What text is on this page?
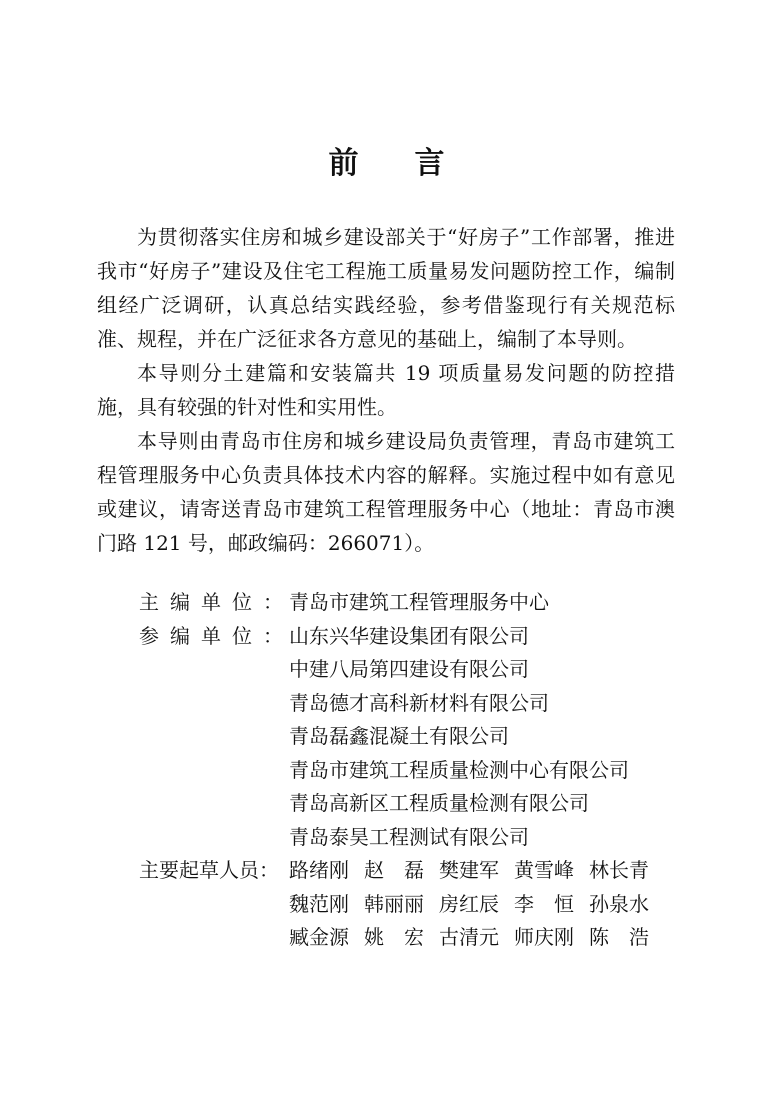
前 言

为贯彻落实住房和城乡建设部关于“好房子”工作部署，推进我市“好房子”建设及住宅工程施工质量易发问题防控工作，编制组经广泛调研，认真总结实践经验，参考借鉴现行有关规范标准、规程，并在广泛征求各方意见的基础上，编制了本导则。

本导则分土建篇和安装篇共 19 项质量易发问题的防控措施，具有较强的针对性和实用性。

本导则由青岛市住房和城乡建设局负责管理，青岛市建筑工程管理服务中心负责具体技术内容的解释。实施过程中如有意见或建议，请寄送青岛市建筑工程管理服务中心（地址：青岛市澳门路 121 号，邮政编码：266071）。

主编单位：
青岛市建筑工程管理服务中心
参编单位：
山东兴华建设集团有限公司
中建八局第四建设有限公司
青岛德才高科新材料有限公司
青岛磊鑫混凝土有限公司
青岛市建筑工程质量检测中心有限公司
青岛高新区工程质量检测有限公司
青岛泰昊工程测试有限公司
主要起草人员： 路绪刚 赵　磊 樊建军 黄雪峰 林长青
魏范刚 韩丽丽 房红辰 李　恒 孙泉水
臧金源 姚　宏 古清元 师庆刚 陈　浩
